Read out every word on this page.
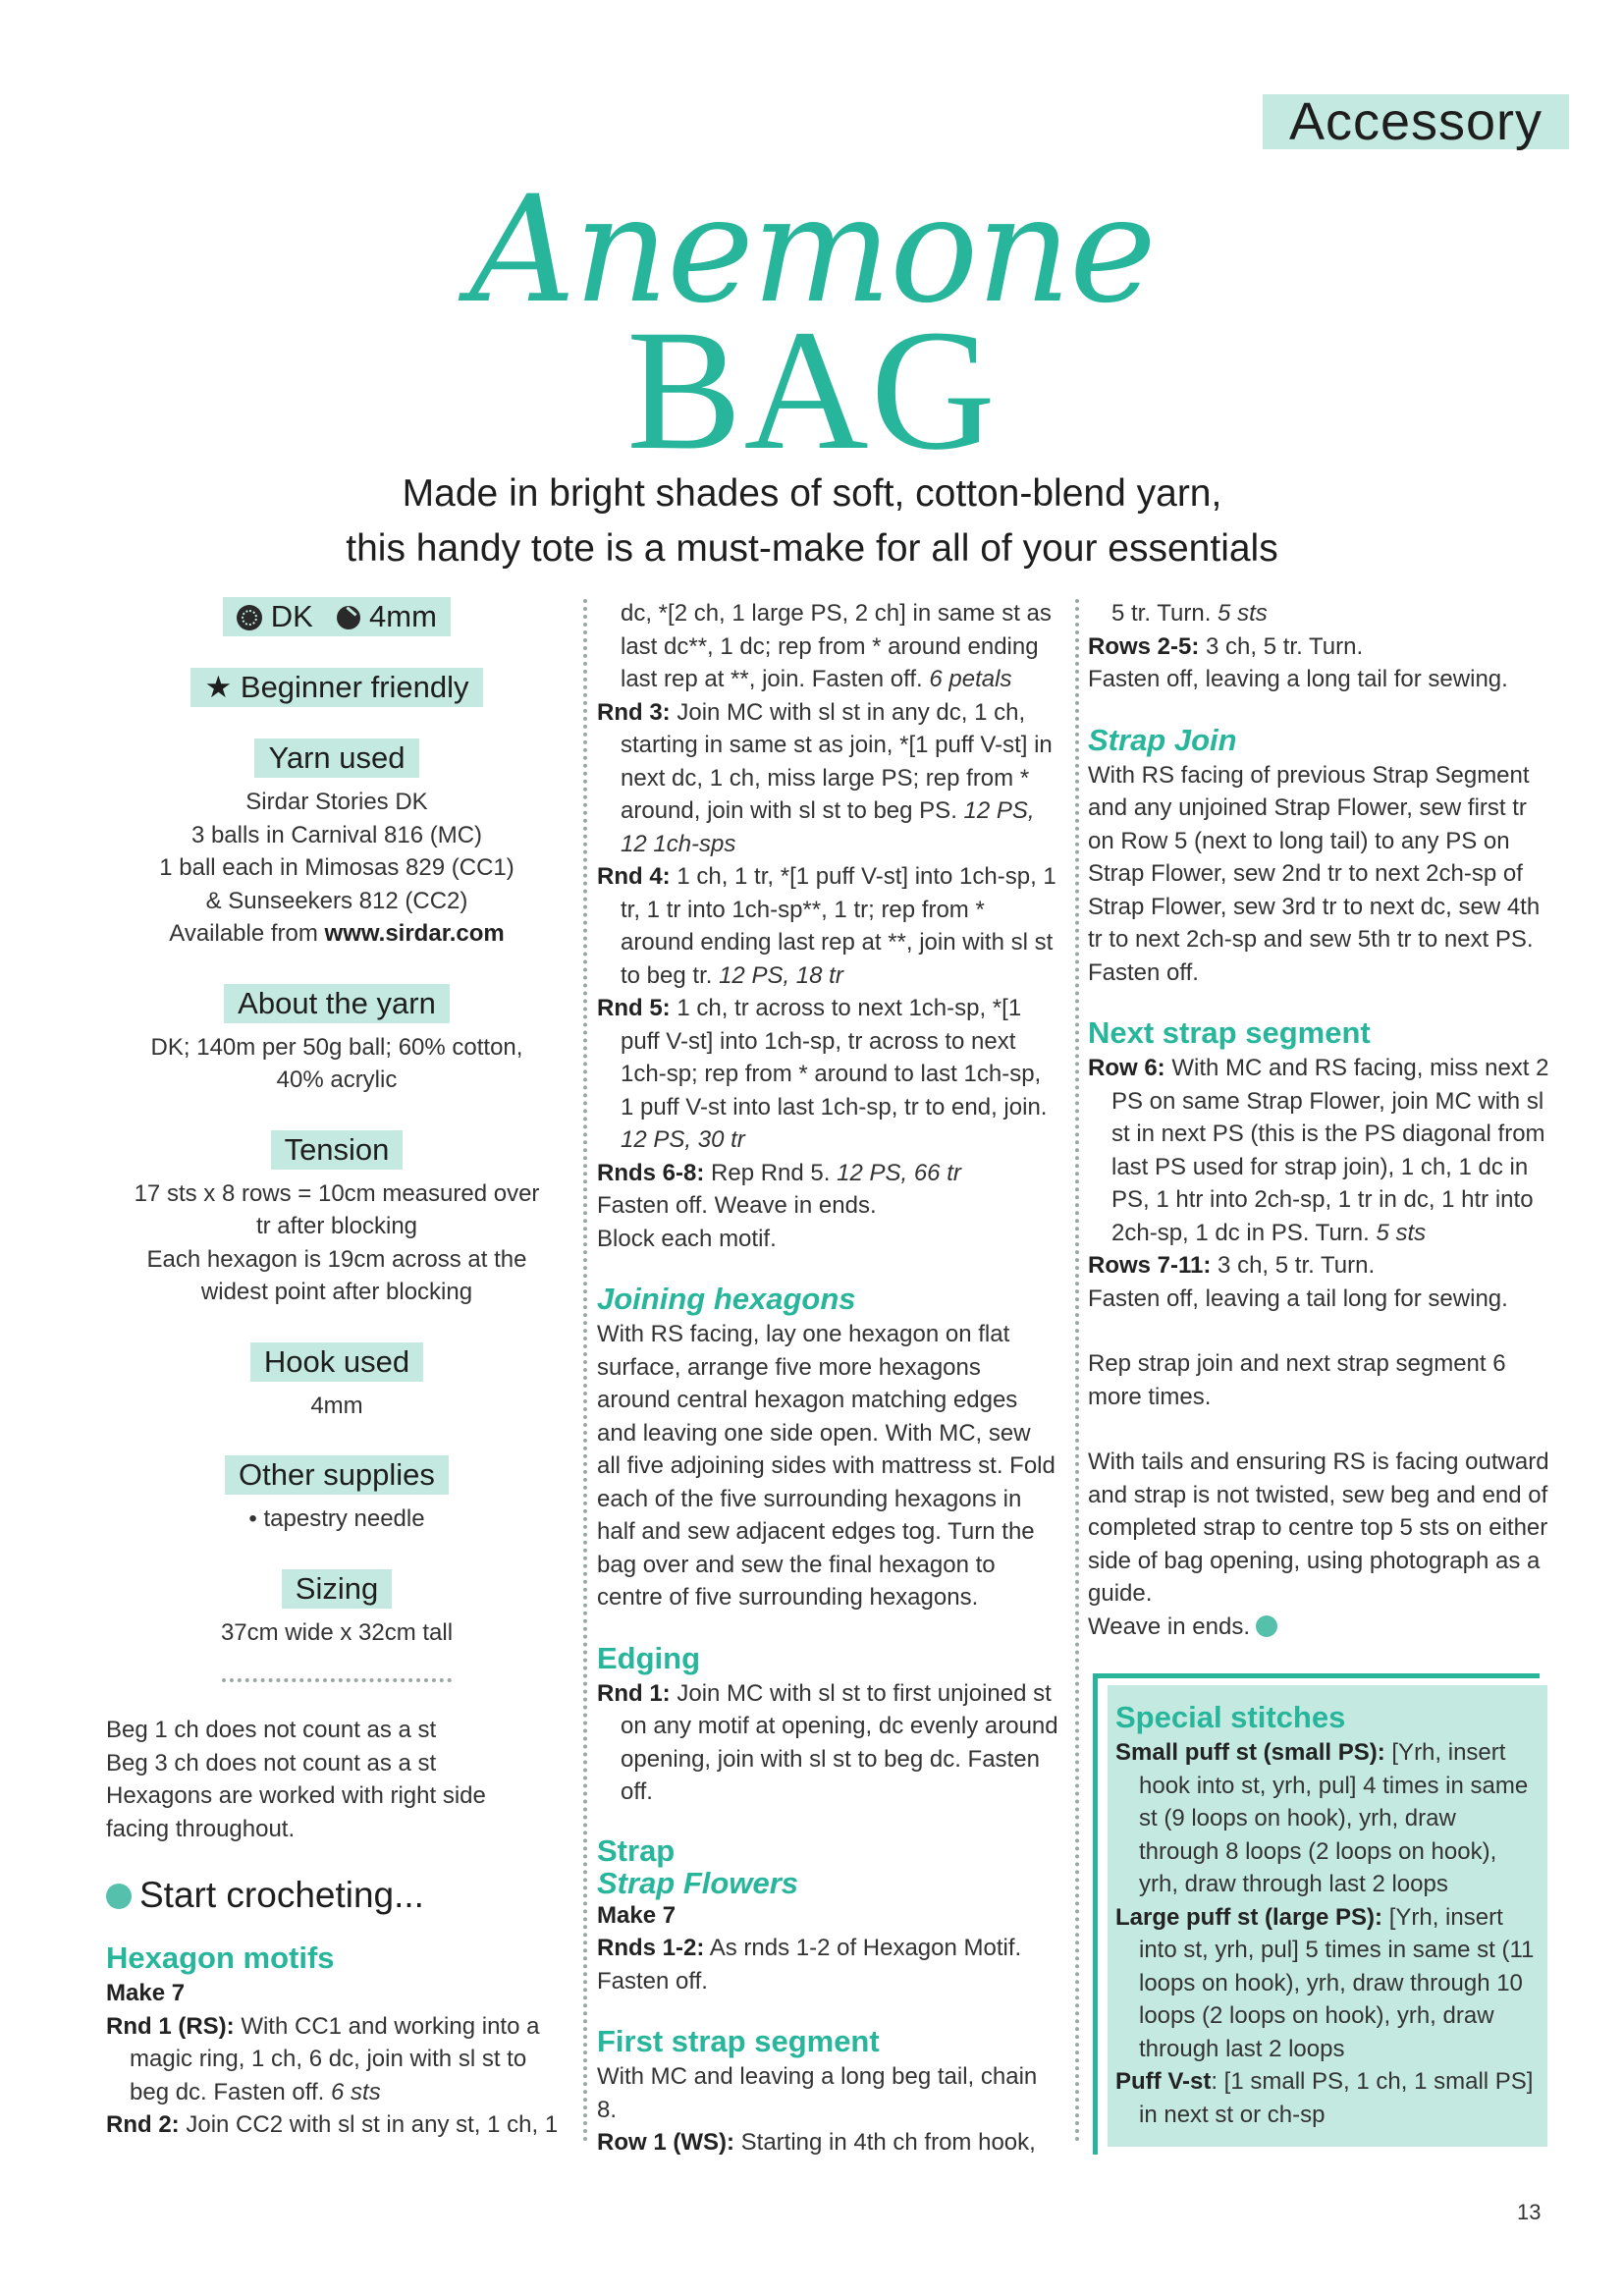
Accessory
Anemone
BAG
Made in bright shades of soft, cotton-blend yarn,
this handy tote is a must-make for all of your essentials
DK 4mm
★ Beginner friendly
Yarn used
Sirdar Stories DK
3 balls in Carnival 816 (MC)
1 ball each in Mimosas 829 (CC1)
& Sunseekers 812 (CC2)
Available from www.sirdar.com
About the yarn
DK; 140m per 50g ball; 60% cotton,
40% acrylic
Tension
17 sts x 8 rows = 10cm measured over
tr after blocking
Each hexagon is 19cm across at the
widest point after blocking
Hook used
4mm
Other supplies
• tapestry needle
Sizing
37cm wide x 32cm tall
Beg 1 ch does not count as a st
Beg 3 ch does not count as a st
Hexagons are worked with right side
facing throughout.
Start crocheting...
Hexagon motifs
Make 7
Rnd 1 (RS): With CC1 and working into a magic ring, 1 ch, 6 dc, join with sl st to beg dc. Fasten off. 6 sts
Rnd 2: Join CC2 with sl st in any st, 1 ch, 1
dc, *[2 ch, 1 large PS, 2 ch] in same st as last dc**, 1 dc; rep from * around ending last rep at **, join. Fasten off. 6 petals
Rnd 3: Join MC with sl st in any dc, 1 ch, starting in same st as join, *[1 puff V-st] in next dc, 1 ch, miss large PS; rep from * around, join with sl st to beg PS. 12 PS, 12 1ch-sps
Rnd 4: 1 ch, 1 tr, *[1 puff V-st] into 1ch-sp, 1 tr, 1 tr into 1ch-sp**, 1 tr; rep from * around ending last rep at **, join with sl st to beg tr. 12 PS, 18 tr
Rnd 5: 1 ch, tr across to next 1ch-sp, *[1 puff V-st] into 1ch-sp, tr across to next 1ch-sp; rep from * around to last 1ch-sp, 1 puff V-st into last 1ch-sp, tr to end, join. 12 PS, 30 tr
Rnds 6-8: Rep Rnd 5. 12 PS, 66 tr
Fasten off. Weave in ends.
Block each motif.
Joining hexagons
With RS facing, lay one hexagon on flat surface, arrange five more hexagons around central hexagon matching edges and leaving one side open. With MC, sew all five adjoining sides with mattress st. Fold each of the five surrounding hexagons in half and sew adjacent edges tog. Turn the bag over and sew the final hexagon to centre of five surrounding hexagons.
Edging
Rnd 1: Join MC with sl st to first unjoined st on any motif at opening, dc evenly around opening, join with sl st to beg dc. Fasten off.
Strap
Strap Flowers
Make 7
Rnds 1-2: As rnds 1-2 of Hexagon Motif. Fasten off.
First strap segment
With MC and leaving a long beg tail, chain 8.
Row 1 (WS): Starting in 4th ch from hook,
5 tr. Turn. 5 sts
Rows 2-5: 3 ch, 5 tr. Turn.
Fasten off, leaving a long tail for sewing.
Strap Join
With RS facing of previous Strap Segment and any unjoined Strap Flower, sew first tr on Row 5 (next to long tail) to any PS on Strap Flower, sew 2nd tr to next 2ch-sp of Strap Flower, sew 3rd tr to next dc, sew 4th tr to next 2ch-sp and sew 5th tr to next PS. Fasten off.
Next strap segment
Row 6: With MC and RS facing, miss next 2 PS on same Strap Flower, join MC with sl st in next PS (this is the PS diagonal from last PS used for strap join), 1 ch, 1 dc in PS, 1 htr into 2ch-sp, 1 tr in dc, 1 htr into 2ch-sp, 1 dc in PS. Turn. 5 sts
Rows 7-11: 3 ch, 5 tr. Turn.
Fasten off, leaving a tail long for sewing.
Rep strap join and next strap segment 6 more times.
With tails and ensuring RS is facing outward and strap is not twisted, sew beg and end of completed strap to centre top 5 sts on either side of bag opening, using photograph as a guide.
Weave in ends.
Special stitches
Small puff st (small PS): [Yrh, insert hook into st, yrh, pul] 4 times in same st (9 loops on hook), yrh, draw through 8 loops (2 loops on hook), yrh, draw through last 2 loops
Large puff st (large PS): [Yrh, insert into st, yrh, pul] 5 times in same st (11 loops on hook), yrh, draw through 10 loops (2 loops on hook), yrh, draw through last 2 loops
Puff V-st: [1 small PS, 1 ch, 1 small PS] in next st or ch-sp
13
